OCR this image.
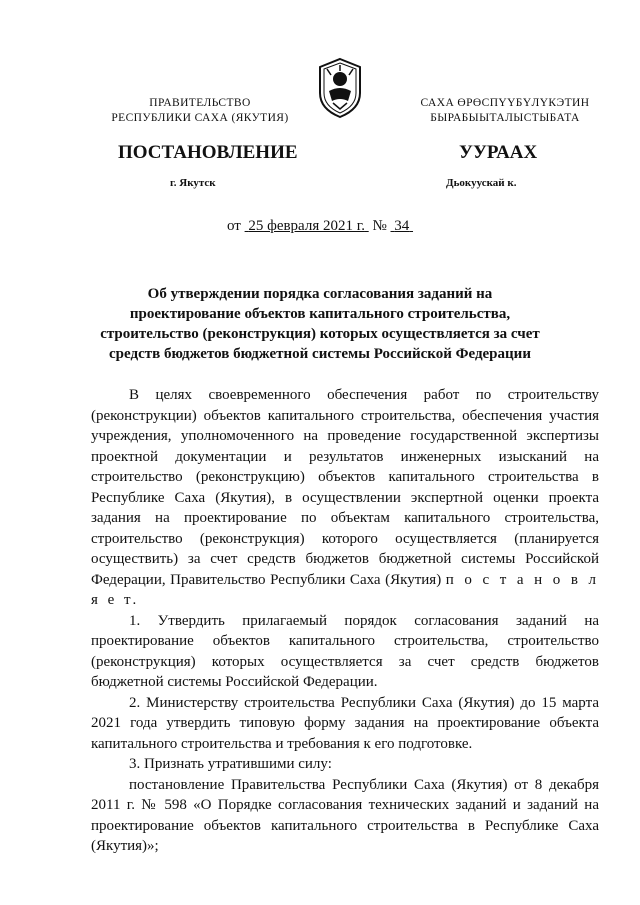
ПРАВИТЕЛЬСТВО
РЕСПУБЛИКИ САХА (ЯКУТИЯ)
САХА ӨРӨСПҮҮБҮЛҮКЭТИН
БЫРАБЫЫТАЛЫСТЫБАТА
ПОСТАНОВЛЕНИЕ	УУРААХ
г. Якутск	Дьокуускай к.
от 25 февраля 2021 г. № 34
Об утверждении порядка согласования заданий на проектирование объектов капитального строительства, строительство (реконструкция) которых осуществляется за счет средств бюджетов бюджетной системы Российской Федерации

В целях своевременного обеспечения работ по строительству (реконструкции) объектов капитального строительства, обеспечения участия учреждения, уполномоченного на проведение государственной экспертизы проектной документации и результатов инженерных изысканий на строительство (реконструкцию) объектов капитального строительства в Республике Саха (Якутия), в осуществлении экспертной оценки проекта задания на проектирование по объектам капитального строительства, строительство (реконструкция) которого осуществляется (планируется осуществить) за счет средств бюджетов бюджетной системы Российской Федерации, Правительство Республики Саха (Якутия) п о с т а н о в л я е т.

1. Утвердить прилагаемый порядок согласования заданий на проектирование объектов капитального строительства, строительство (реконструкция) которых осуществляется за счет средств бюджетов бюджетной системы Российской Федерации.

2. Министерству строительства Республики Саха (Якутия) до 15 марта 2021 года утвердить типовую форму задания на проектирование объекта капитального строительства и требования к его подготовке.

3. Признать утратившими силу:

постановление Правительства Республики Саха (Якутия) от 8 декабря 2011 г. № 598 «О Порядке согласования технических заданий и заданий на проектирование объектов капитального строительства в Республике Саха (Якутия)»;
